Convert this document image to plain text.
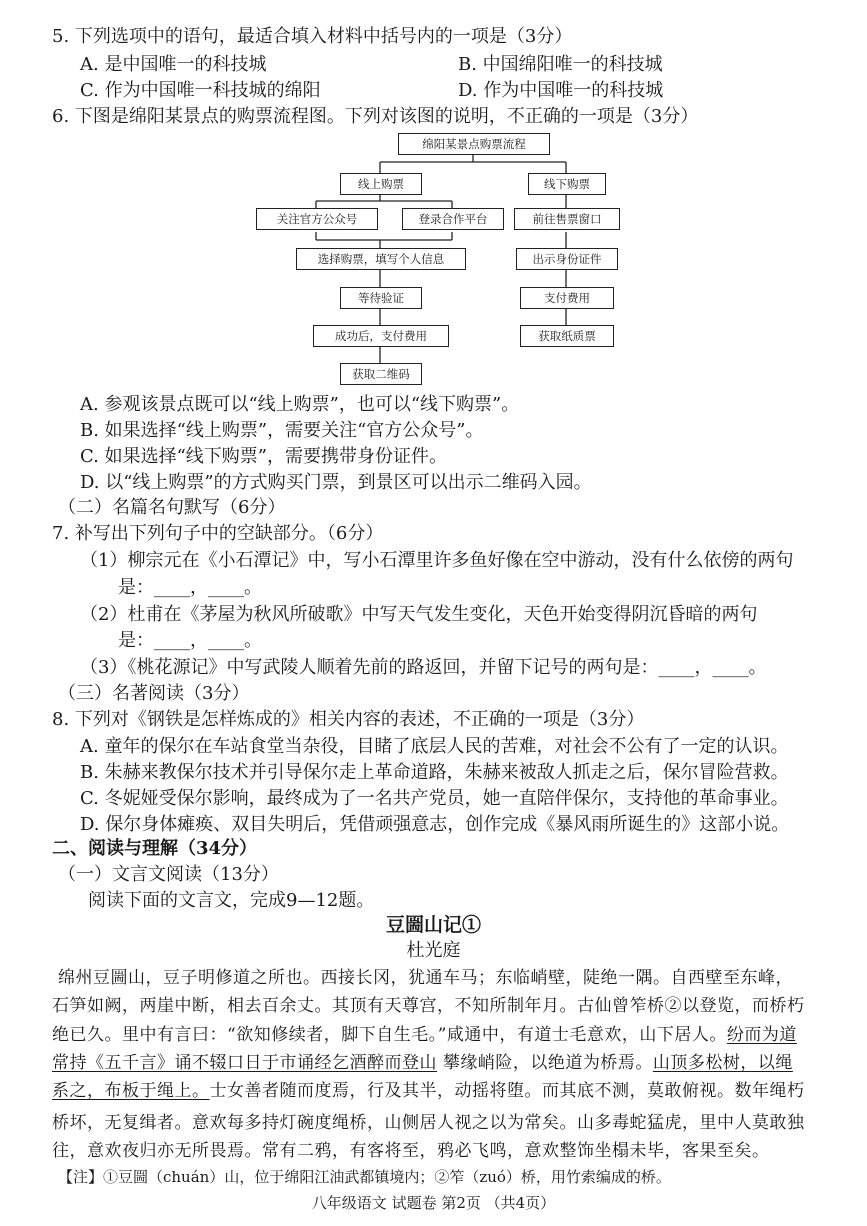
5. 下列选项中的语句，最适合填入材料中括号内的一项是（3分）
A. 是中国唯一的科技城	B. 中国绵阳唯一的科技城
C. 作为中国唯一科技城的绵阳	D. 作为中国唯一的科技城
6. 下图是绵阳某景点的购票流程图。下列对该图的说明，不正确的一项是（3分）
绵阳某景点购票流程
线上购票	线下购票
关注官方公众号	登录合作平台	前往售票窗口
选择购票，填写个人信息	出示身份证件
等待验证	支付费用
成功后，支付费用	获取纸质票
获取二维码
A. 参观该景点既可以“线上购票”，也可以“线下购票”。
B. 如果选择“线上购票”，需要关注“官方公众号”。
C. 如果选择“线下购票”，需要携带身份证件。
D. 以“线上购票”的方式购买门票，到景区可以出示二维码入园。
（二）名篇名句默写（6分）
7. 补写出下列句子中的空缺部分。（6分）
（1）柳宗元在《小石潭记》中，写小石潭里许多鱼好像在空中游动，没有什么依傍的两句
是：____，____。
（2）杜甫在《茅屋为秋风所破歌》中写天气发生变化，天色开始变得阴沉昏暗的两句
是：____，____。
（3）《桃花源记》中写武陵人顺着先前的路返回，并留下记号的两句是：____，____。
（三）名著阅读（3分）
8. 下列对《钢铁是怎样炼成的》相关内容的表述，不正确的一项是（3分）
A. 童年的保尔在车站食堂当杂役，目睹了底层人民的苦难，对社会不公有了一定的认识。
B. 朱赫来教保尔技术并引导保尔走上革命道路，朱赫来被敌人抓走之后，保尔冒险营救。
C. 冬妮娅受保尔影响，最终成为了一名共产党员，她一直陪伴保尔，支持他的革命事业。
D. 保尔身体瘫痪、双目失明后，凭借顽强意志，创作完成《暴风雨所诞生的》这部小说。
二、阅读与理解（34分）
（一）文言文阅读（13分）
阅读下面的文言文，完成9—12题。
豆圌山记①
杜光庭
绵州豆圌山，豆子明修道之所也。西接长冈，犹通车马；东临峭壁，陡绝一隅。自西壁至东峰，
石笋如阙，两崖中断，相去百余丈。其顶有天尊宫，不知所制年月。古仙曾笮桥②以登览，而桥朽
绝已久。里中有言曰：“欲知修续者，脚下自生毛。”咸通中，有道士毛意欢，山下居人。纷而为道
常持《五千言》诵不辍口日于市诵经乞酒醉而登山 攀缘峭险，以绝道为桥焉。山顶多松树，以绳
系之，布板于绳上。士女善者随而度焉，行及其半，动摇将堕。而其底不测，莫敢俯视。数年绳朽
桥坏，无复缉者。意欢每多持灯碗度绳桥，山侧居人视之以为常矣。山多毒蛇猛虎，里中人莫敢独
往，意欢夜归亦无所畏焉。常有二鸦，有客将至，鸦必飞鸣，意欢整饰坐榻未毕，客果至矣。
【注】①豆圌（chuán）山，位于绵阳江油武都镇境内；②笮（zuó）桥，用竹索编成的桥。
八年级语文 试题卷 第2页 （共4页）
